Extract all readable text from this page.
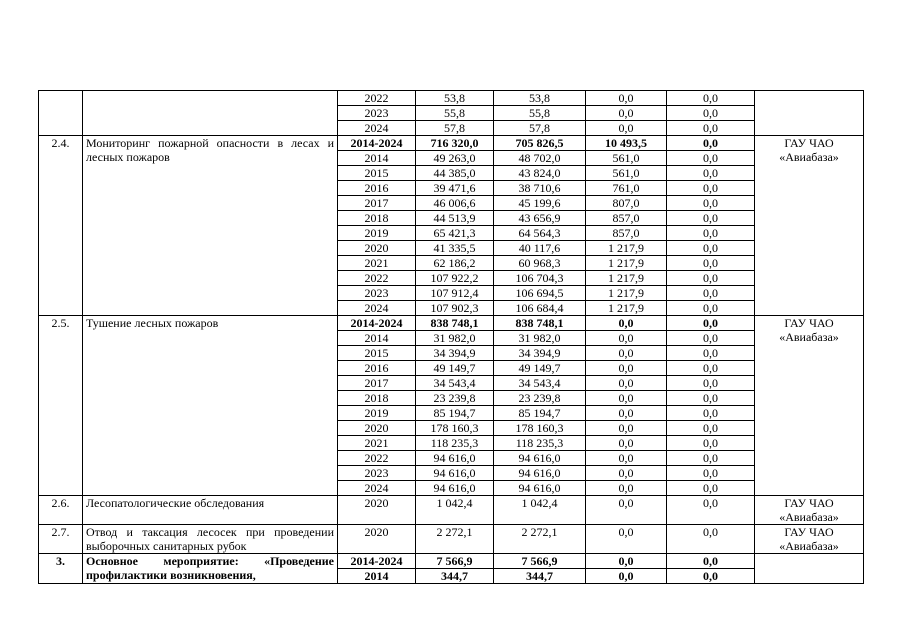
		2022	53,8	53,8	0,0	0,0	
		2023	55,8	55,8	0,0	0,0	
		2024	57,8	57,8	0,0	0,0	
2.4.	Мониторинг пожарной опасности в лесах и лесных пожаров	2014-2024	716 320,0	705 826,5	10 493,5	0,0	ГАУ ЧАО «Авиабаза»
		2014	49 263,0	48 702,0	561,0	0,0	
		2015	44 385,0	43 824,0	561,0	0,0	
		2016	39 471,6	38 710,6	761,0	0,0	
		2017	46 006,6	45 199,6	807,0	0,0	
		2018	44 513,9	43 656,9	857,0	0,0	
		2019	65 421,3	64 564,3	857,0	0,0	
		2020	41 335,5	40 117,6	1 217,9	0,0	
		2021	62 186,2	60 968,3	1 217,9	0,0	
		2022	107 922,2	106 704,3	1 217,9	0,0	
		2023	107 912,4	106 694,5	1 217,9	0,0	
		2024	107 902,3	106 684,4	1 217,9	0,0	
2.5.	Тушение лесных пожаров	2014-2024	838 748,1	838 748,1	0,0	0,0	ГАУ ЧАО «Авиабаза»
		2014	31 982,0	31 982,0	0,0	0,0	
		2015	34 394,9	34 394,9	0,0	0,0	
		2016	49 149,7	49 149,7	0,0	0,0	
		2017	34 543,4	34 543,4	0,0	0,0	
		2018	23 239,8	23 239,8	0,0	0,0	
		2019	85 194,7	85 194,7	0,0	0,0	
		2020	178 160,3	178 160,3	0,0	0,0	
		2021	118 235,3	118 235,3	0,0	0,0	
		2022	94 616,0	94 616,0	0,0	0,0	
		2023	94 616,0	94 616,0	0,0	0,0	
		2024	94 616,0	94 616,0	0,0	0,0	
2.6.	Лесопатологические обследования	2020	1 042,4	1 042,4	0,0	0,0	ГАУ ЧАО «Авиабаза»
2.7.	Отвод и таксация лесосек при проведении выборочных санитарных рубок	2020	2 272,1	2 272,1	0,0	0,0	ГАУ ЧАО «Авиабаза»
3.	Основное мероприятие: «Проведение профилактики возникновения,	2014-2024	7 566,9	7 566,9	0,0	0,0	
		2014	344,7	344,7	0,0	0,0	
